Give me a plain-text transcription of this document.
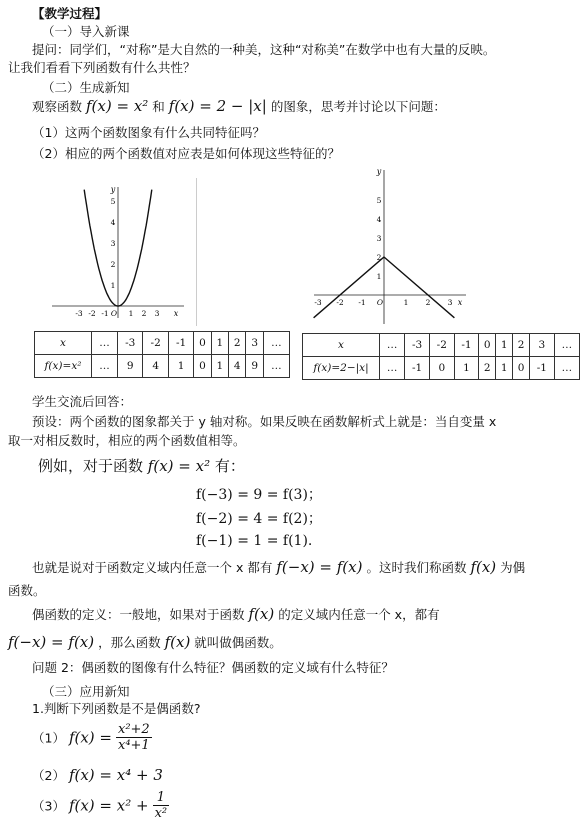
【教学过程】
（一）导入新课
提问：同学们，“对称”是大自然的一种美，这种“对称美”在数学中也有大量的反映。
让我们看看下列函数有什么共性？
（二）生成新知
观察函数 f(x) = x² 和 f(x) = 2 − |x| 的图象，思考并讨论以下问题：
（1）这两个函数图象有什么共同特征吗？
（2）相应的两个函数值对应表是如何体现这些特征的？
-3 -2 -1 O 1 2 3 x
1
2
3
4
5
y
-3 -2 -1 O	1 2 3 x
1
2
3
4
5
y
x	…	-3	-2	-1	0	1	2	3	…
f(x)=x²	…	9	4	1	0	1	4	9	…
x	…	-3	-2	-1	0	1	2	3	…
f(x)=2−|x|	…	-1	0	1	2	1	0	-1	…
学生交流后回答：
预设：两个函数的图象都关于 y 轴对称。如果反映在函数解析式上就是：当自变量 x
取一对相反数时，相应的两个函数值相等。
例如，对于函数 f(x) = x² 有：
f(−3) = 9 = f(3)；
f(−2) = 4 = f(2)；
f(−1) = 1 = f(1).
也就是说对于函数定义域内任意一个 x 都有 f(−x) = f(x) 。这时我们称函数 f(x) 为偶
函数。
偶函数的定义：一般地，如果对于函数 f(x) 的定义域内任意一个 x，都有
f(−x) = f(x) ，那么函数 f(x) 就叫做偶函数。
问题 2：偶函数的图像有什么特征？偶函数的定义域有什么特征？
（三）应用新知
1.判断下列函数是不是偶函数?
（1） $f(x) = \frac{\text{x²+2}}{\text{x⁴+1}}$
（2） f(x) = x⁴ + 3
（3） $f(x) = x^2 + \frac{1}{\text{x²}}$
